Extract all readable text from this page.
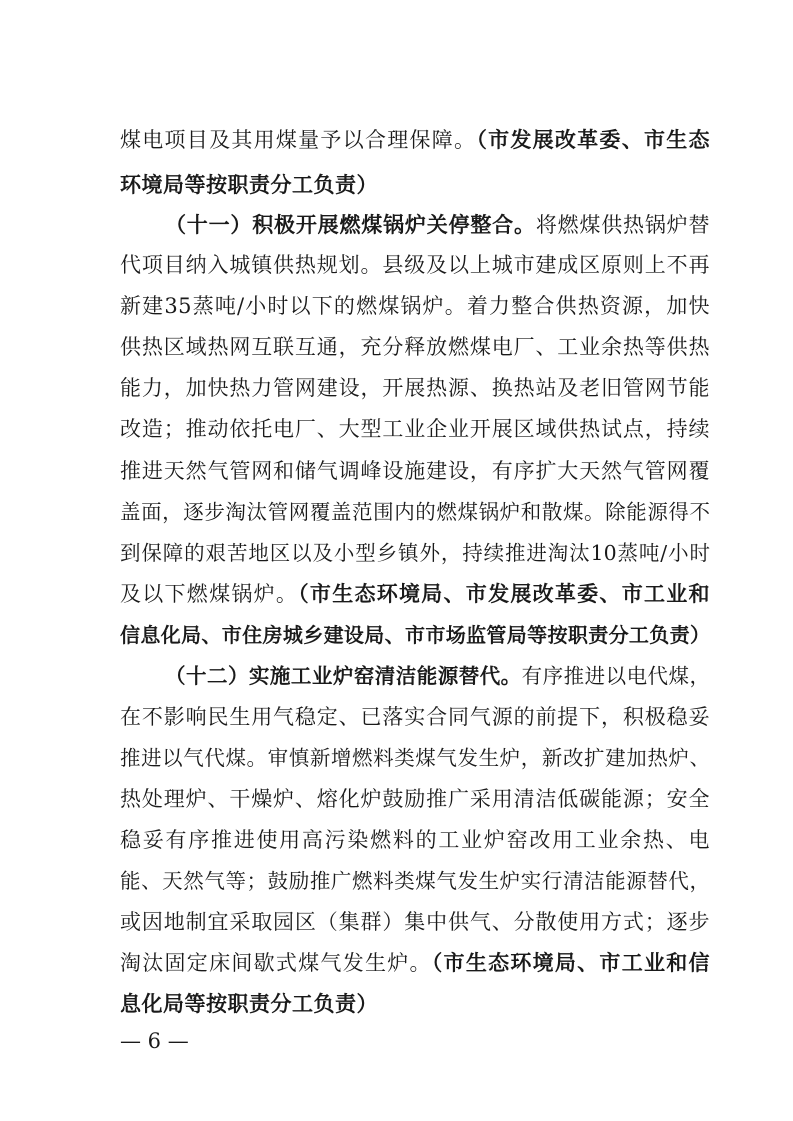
煤电项目及其用煤量予以合理保障。（市发展改革委、市生态
环境局等按职责分工负责）
（十一）积极开展燃煤锅炉关停整合。将燃煤供热锅炉替
代项目纳入城镇供热规划。县级及以上城市建成区原则上不再
新建35蒸吨/小时以下的燃煤锅炉。着力整合供热资源，加快
供热区域热网互联互通，充分释放燃煤电厂、工业余热等供热
能力，加快热力管网建设，开展热源、换热站及老旧管网节能
改造；推动依托电厂、大型工业企业开展区域供热试点，持续
推进天然气管网和储气调峰设施建设，有序扩大天然气管网覆
盖面，逐步淘汰管网覆盖范围内的燃煤锅炉和散煤。除能源得不
到保障的艰苦地区以及小型乡镇外，持续推进淘汰10蒸吨/小时
及以下燃煤锅炉。（市生态环境局、市发展改革委、市工业和
信息化局、市住房城乡建设局、市市场监管局等按职责分工负责）
（十二）实施工业炉窑清洁能源替代。有序推进以电代煤，
在不影响民生用气稳定、已落实合同气源的前提下，积极稳妥
推进以气代煤。审慎新增燃料类煤气发生炉，新改扩建加热炉、
热处理炉、干燥炉、熔化炉鼓励推广采用清洁低碳能源；安全
稳妥有序推进使用高污染燃料的工业炉窑改用工业余热、电
能、天然气等；鼓励推广燃料类煤气发生炉实行清洁能源替代，
或因地制宜采取园区（集群）集中供气、分散使用方式；逐步
淘汰固定床间歇式煤气发生炉。（市生态环境局、市工业和信
息化局等按职责分工负责）
— 6 —
